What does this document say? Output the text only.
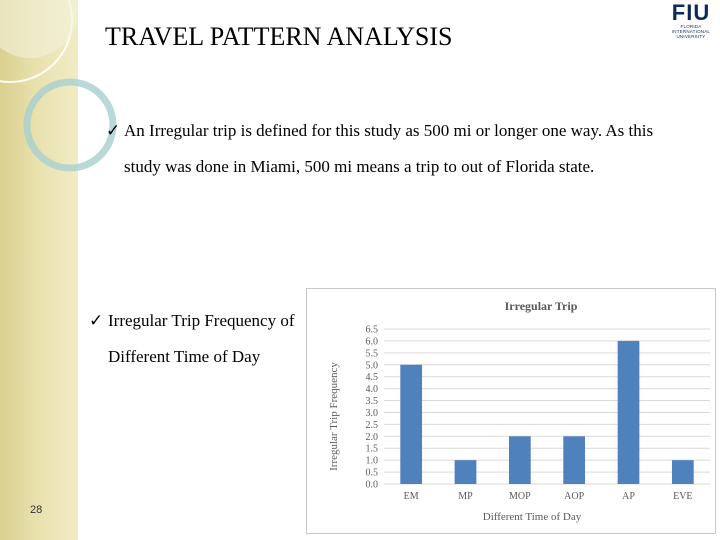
FIU
FLORIDA
INTERNATIONAL
UNIVERSITY
TRAVEL PATTERN ANALYSIS
✓ An Irregular trip is defined for this study as 500 mi or longer one way. As this study was done in Miami, 500 mi means a trip to out of Florida state.
✓ Irregular Trip Frequency of Different Time of Day
28
0.0
0.5
1.0
1.5
2.0
2.5
3.0
3.5
4.0
4.5
5.0
5.5
6.0
6.5
EM	MP	MOP	AOP	AP	EVE
Irregular Trip
Different Time of Day
Irregular Trip Frequency
